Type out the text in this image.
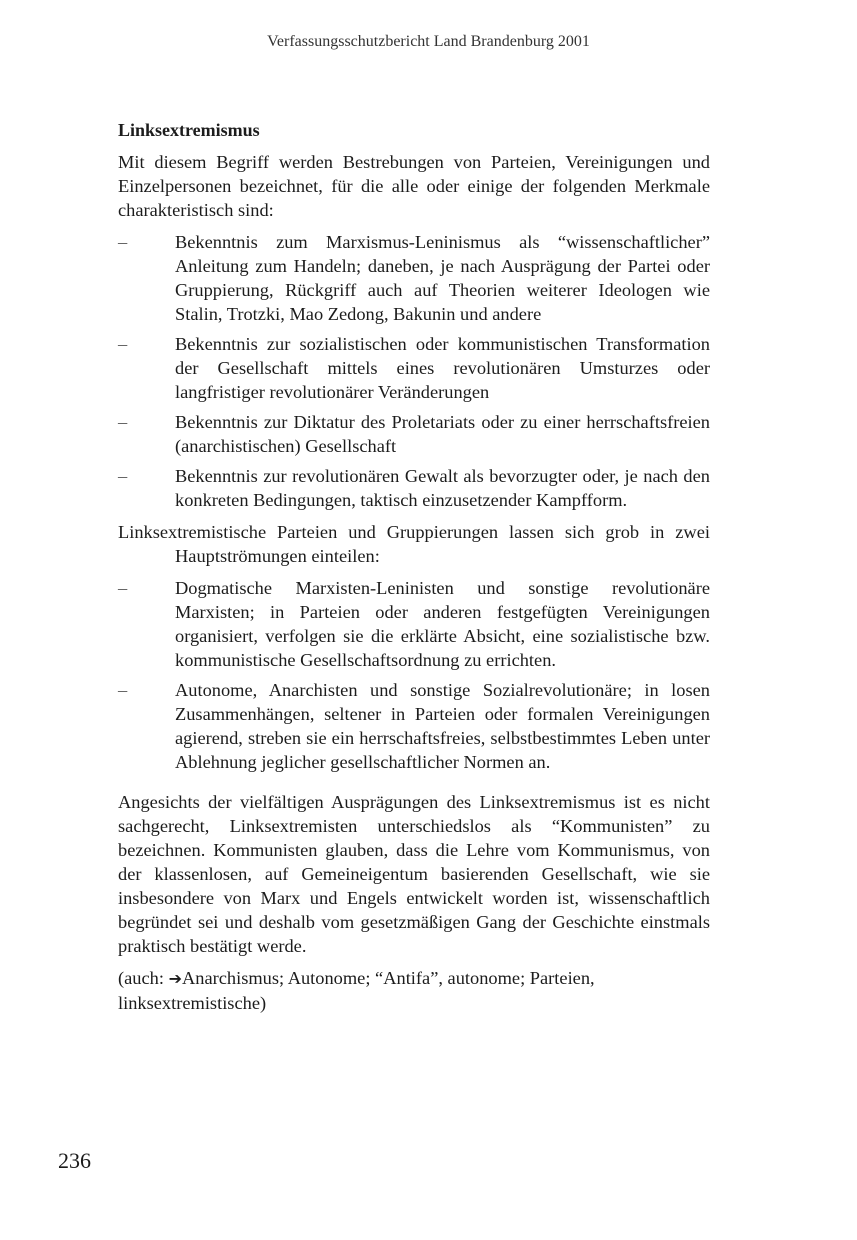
Verfassungsschutzbericht Land Brandenburg 2001
Linksextremismus

Mit diesem Begriff werden Bestrebungen von Parteien, Vereinigungen und Einzelpersonen bezeichnet, für die alle oder einige der folgenden Merkmale charakteristisch sind:

–	Bekenntnis zum Marxismus-Leninismus als “wissenschaftlicher” Anleitung zum Handeln; daneben, je nach Ausprägung der Partei oder Gruppierung, Rückgriff auch auf Theorien weiterer Ideologen wie Stalin, Trotzki, Mao Zedong, Bakunin und andere
–	Bekenntnis zur sozialistischen oder kommunistischen Transformation der Gesellschaft mittels eines revolutionären Umsturzes oder langfristiger revolutionärer Veränderungen
–	Bekenntnis zur Diktatur des Proletariats oder zu einer herrschaftsfreien (anarchistischen) Gesellschaft
–	Bekenntnis zur revolutionären Gewalt als bevorzugter oder, je nach den konkreten Bedingungen, taktisch einzusetzender Kampfform.

Linksextremistische Parteien und Gruppierungen lassen sich grob in zwei Hauptströmungen einteilen:

–	Dogmatische Marxisten-Leninisten und sonstige revolutionäre Marxisten; in Parteien oder anderen festgefügten Vereinigungen organisiert, verfolgen sie die erklärte Absicht, eine sozialistische bzw. kommunistische Gesellschaftsordnung zu errichten.
–	Autonome, Anarchisten und sonstige Sozialrevolutionäre; in losen Zusammenhängen, seltener in Parteien oder formalen Vereinigungen agierend, streben sie ein herrschaftsfreies, selbstbestimmtes Leben unter Ablehnung jeglicher gesellschaftlicher Normen an.

Angesichts der vielfältigen Ausprägungen des Linksextremismus ist es nicht sachgerecht, Linksextremisten unterschiedslos als “Kommunisten” zu bezeichnen. Kommunisten glauben, dass die Lehre vom Kommunismus, von der klassenlosen, auf Gemeineigentum basierenden Gesellschaft, wie sie insbesondere von Marx und Engels entwickelt worden ist, wissenschaftlich begründet sei und deshalb vom gesetzmäßigen Gang der Geschichte einstmals praktisch bestätigt werde.

(auch: ➔Anarchismus; Autonome; “Antifa”, autonome; Parteien, linksextremistische)

236
